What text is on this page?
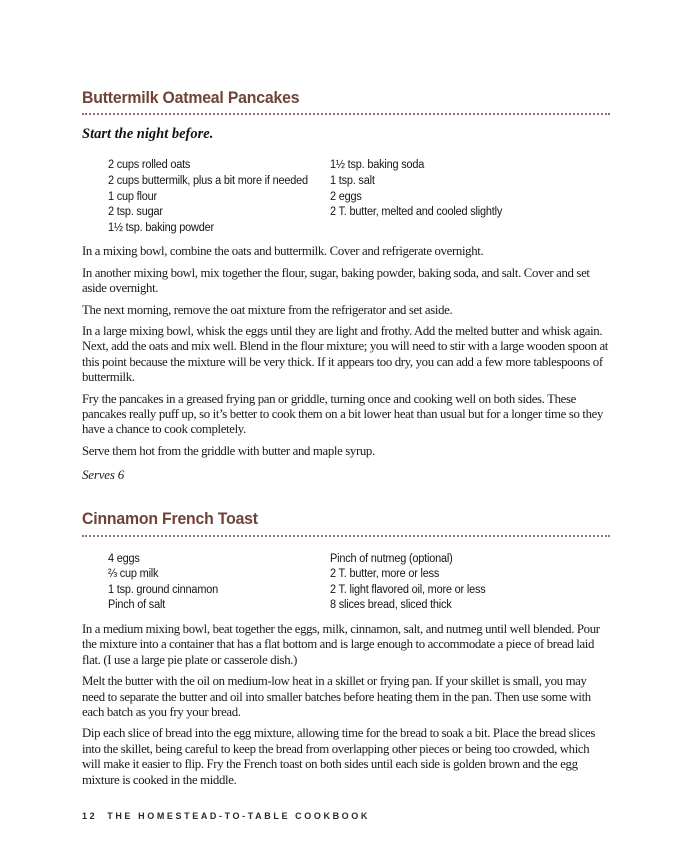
Buttermilk Oatmeal Pancakes

Start the night before.

2 cups rolled oats
2 cups buttermilk, plus a bit more if needed
1 cup flour
2 tsp. sugar
1½ tsp. baking powder
1½ tsp. baking soda
1 tsp. salt
2 eggs
2 T. butter, melted and cooled slightly

In a mixing bowl, combine the oats and buttermilk. Cover and refrigerate overnight.

In another mixing bowl, mix together the flour, sugar, baking powder, baking soda, and salt. Cover and set aside overnight.

The next morning, remove the oat mixture from the refrigerator and set aside.

In a large mixing bowl, whisk the eggs until they are light and frothy. Add the melted butter and whisk again. Next, add the oats and mix well. Blend in the flour mixture; you will need to stir with a large wooden spoon at this point because the mixture will be very thick. If it appears too dry, you can add a few more tablespoons of buttermilk.

Fry the pancakes in a greased frying pan or griddle, turning once and cooking well on both sides. These pancakes really puff up, so it’s better to cook them on a bit lower heat than usual but for a longer time so they have a chance to cook completely.

Serve them hot from the griddle with butter and maple syrup.

Serves 6

Cinnamon French Toast
4 eggs
⅔ cup milk
1 tsp. ground cinnamon
Pinch of salt
Pinch of nutmeg (optional)
2 T. butter, more or less
2 T. light flavored oil, more or less
8 slices bread, sliced thick

In a medium mixing bowl, beat together the eggs, milk, cinnamon, salt, and nutmeg until well blended. Pour the mixture into a container that has a flat bottom and is large enough to accommodate a piece of bread laid flat. (I use a large pie plate or casserole dish.)

Melt the butter with the oil on medium-low heat in a skillet or frying pan. If your skillet is small, you may need to separate the butter and oil into smaller batches before heating them in the pan. Then use some with each batch as you fry your bread.

Dip each slice of bread into the egg mixture, allowing time for the bread to soak a bit. Place the bread slices into the skillet, being careful to keep the bread from overlapping other pieces or being too crowded, which will make it easier to flip. Fry the French toast on both sides until each side is golden brown and the egg mixture is cooked in the middle.

12 THE HOMESTEAD-TO-TABLE COOKBOOK
